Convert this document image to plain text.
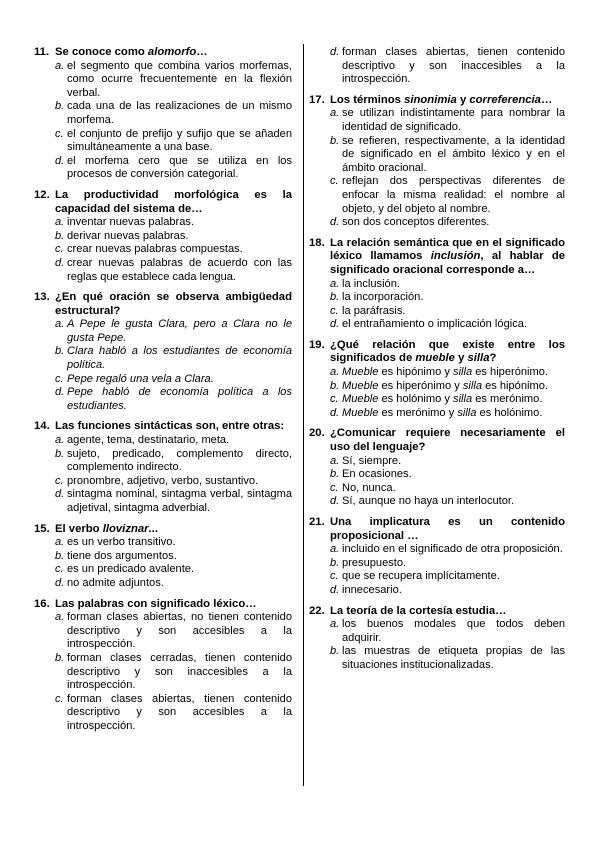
11. Se conoce como alomorfo…
a. el segmento que combina varios morfemas, como ocurre frecuentemente en la flexión verbal.
b. cada una de las realizaciones de un mismo morfema.
c. el conjunto de prefijo y sufijo que se añaden simultáneamente a una base.
d. el morfema cero que se utiliza en los procesos de conversión categorial.
12. La productividad morfológica es la capacidad del sistema de…
a. inventar nuevas palabras.
b. derivar nuevas palabras.
c. crear nuevas palabras compuestas.
d. crear nuevas palabras de acuerdo con las reglas que establece cada lengua.
13. ¿En qué oración se observa ambigüedad estructural?
a. A Pepe le gusta Clara, pero a Clara no le gusta Pepe.
b. Clara habló a los estudiantes de economía política.
c. Pepe regaló una vela a Clara.
d. Pepe habló de economía política a los estudiantes.
14. Las funciones sintácticas son, entre otras:
a. agente, tema, destinatario, meta.
b. sujeto, predicado, complemento directo, complemento indirecto.
c. pronombre, adjetivo, verbo, sustantivo.
d. sintagma nominal, sintagma verbal, sintagma adjetival, sintagma adverbial.
15. El verbo lloviznar...
a. es un verbo transitivo.
b. tiene dos argumentos.
c. es un predicado avalente.
d. no admite adjuntos.
16. Las palabras con significado léxico…
a. forman clases abiertas, no tienen contenido descriptivo y son accesibles a la introspección.
b. forman clases cerradas, tienen contenido descriptivo y son inaccesibles a la introspección.
c. forman clases abiertas, tienen contenido descriptivo y son accesibles a la introspección.
d. forman clases abiertas, tienen contenido descriptivo y son inaccesibles a la introspección.
17. Los términos sinonimia y correferencia…
a. se utilizan indistintamente para nombrar la identidad de significado.
b. se refieren, respectivamente, a la identidad de significado en el ámbito léxico y en el ámbito oracional.
c. reflejan dos perspectivas diferentes de enfocar la misma realidad: el nombre al objeto, y del objeto al nombre.
d. son dos conceptos diferentes.
18. La relación semántica que en el significado léxico llamamos inclusión, al hablar de significado oracional corresponde a…
a. la inclusión.
b. la incorporación.
c. la paráfrasis.
d. el entrañamiento o implicación lógica.
19. ¿Qué relación que existe entre los significados de mueble y silla?
a. Mueble es hipónimo y silla es hiperónimo.
b. Mueble es hiperónimo y silla es hipónimo.
c. Mueble es holónimo y silla es merónimo.
d. Mueble es merónimo y silla es holónimo.
20. ¿Comunicar requiere necesariamente el uso del lenguaje?
a. Sí, siempre.
b. En ocasiones.
c. No, nunca.
d. Sí, aunque no haya un interlocutor.
21. Una implicatura es un contenido proposicional …
a. incluido en el significado de otra proposición.
b. presupuesto.
c. que se recupera implícitamente.
d. innecesario.
22. La teoría de la cortesía estudia…
a. los buenos modales que todos deben adquirir.
b. las muestras de etiqueta propias de las situaciones institucionalizadas.
